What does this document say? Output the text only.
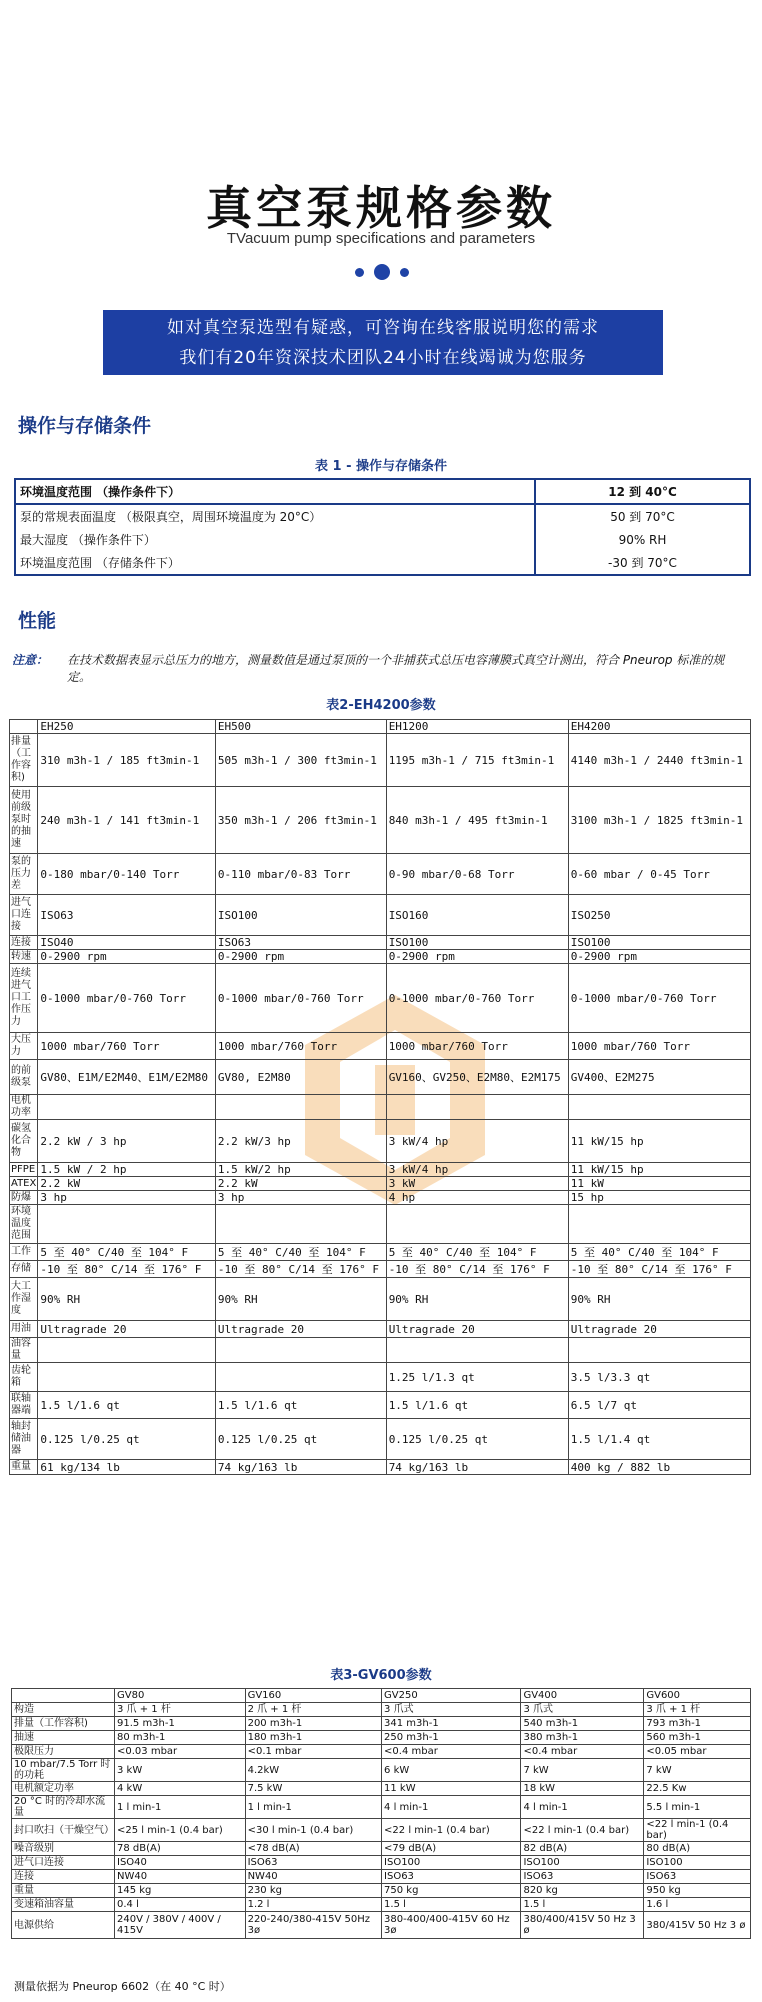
真空泵规格参数
TVacuum pump specifications and parameters
如对真空泵选型有疑惑，可咨询在线客服说明您的需求
我们有20年资深技术团队24小时在线竭诚为您服务
操作与存储条件
表 1 - 操作与存储条件
环境温度范围 （操作条件下）	12 到 40°C
泵的常规表面温度 （极限真空，周围环境温度为 20°C）	50 到 70°C
最大湿度 （操作条件下）	90% RH
环境温度范围 （存储条件下）	-30 到 70°C
性能
注意： 在技术数据表显示总压力的地方，测量数值是通过泵顶的一个非捕获式总压电容薄膜式真空计测出，符合 Pneurop 标准的规定。
表2-EH4200参数
	EH250	EH500	EH1200	EH4200
排量（工作容积)	310 m3h-1 / 185 ft3min-1	505 m3h-1 / 300 ft3min-1	1195 m3h-1 / 715 ft3min-1	4140 m3h-1 / 2440 ft3min-1
使用前级泵时的抽速	240 m3h-1 / 141 ft3min-1	350 m3h-1 / 206 ft3min-1	840 m3h-1 / 495 ft3min-1	3100 m3h-1 / 1825 ft3min-1
泵的压力差	0-180 mbar/0-140 Torr	0-110 mbar/0-83 Torr	0-90 mbar/0-68 Torr	0-60 mbar / 0-45 Torr
进气口连接	ISO63	ISO100	ISO160	ISO250
连接	ISO40	ISO63	ISO100	ISO100
转速	0-2900 rpm	0-2900 rpm	0-2900 rpm	0-2900 rpm
连续进气口工作压力	0-1000 mbar/0-760 Torr	0-1000 mbar/0-760 Torr	0-1000 mbar/0-760 Torr	0-1000 mbar/0-760 Torr
大压力	1000 mbar/760 Torr	1000 mbar/760 Torr	1000 mbar/760 Torr	1000 mbar/760 Torr
的前级泵	GV80、E1M/E2M40、E1M/E2M80	GV80, E2M80	GV160、GV250、E2M80、E2M175	GV400、E2M275
电机功率				
碳氢化合物	2.2 kW / 3 hp	2.2 kW/3 hp	3 kW/4 hp	11 kW/15 hp
PFPE	1.5 kW / 2 hp	1.5 kW/2 hp	3 kW/4 hp	11 kW/15 hp
ATEX	2.2 kW	2.2 kW	3 kW	11 kW
防爆	3 hp	3 hp	4 hp	15 hp
环境温度范围				
工作	5 至 40° C/40 至 104° F	5 至 40° C/40 至 104° F	5 至 40° C/40 至 104° F	5 至 40° C/40 至 104° F
存储	-10 至 80° C/14 至 176° F	-10 至 80° C/14 至 176° F	-10 至 80° C/14 至 176° F	-10 至 80° C/14 至 176° F
大工作湿度	90% RH	90% RH	90% RH	90% RH
用油	Ultragrade 20	Ultragrade 20	Ultragrade 20	Ultragrade 20
油容量				
齿轮箱			1.25 l/1.3 qt	3.5 l/3.3 qt
联轴器端	1.5 l/1.6 qt	1.5 l/1.6 qt	1.5 l/1.6 qt	6.5 l/7 qt
轴封储油器	0.125 l/0.25 qt	0.125 l/0.25 qt	0.125 l/0.25 qt	1.5 l/1.4 qt
重量	61 kg/134 lb	74 kg/163 lb	74 kg/163 lb	400 kg / 882 lb
表3-GV600参数
	GV80	GV160	GV250	GV400	GV600
构造	3 爪 + 1 杆	2 爪 + 1 杆	3 爪式	3 爪式	3 爪 + 1 杆
排量（工作容积)	91.5 m3h-1	200 m3h-1	341 m3h-1	540 m3h-1	793 m3h-1
抽速	80 m3h-1	180 m3h-1	250 m3h-1	380 m3h-1	560 m3h-1
极限压力	<0.03 mbar	<0.1 mbar	<0.4 mbar	<0.4 mbar	<0.05 mbar
10 mbar/7.5 Torr 时的功耗	3 kW	4.2kW	6 kW	7 kW	7 kW
电机额定功率	4 kW	7.5 kW	11 kW	18 kW	22.5 Kw
20 °C 时的冷却水流量	1 l min-1	1 l min-1	4 l min-1	4 l min-1	5.5 l min-1
封口吹扫（干燥空气）	<25 l min-1 (0.4 bar)	<30 l min-1 (0.4 bar)	<22 l min-1 (0.4 bar)	<22 l min-1 (0.4 bar)	<22 l min-1 (0.4 bar)
噪音级别	78 dB(A)	<78 dB(A)	<79 dB(A)	82 dB(A)	80 dB(A)
进气口连接	ISO40	ISO63	ISO100	ISO100	ISO100
连接	NW40	NW40	ISO63	ISO63	ISO63
重量	145 kg	230 kg	750 kg	820 kg	950 kg
变速箱油容量	0.4 l	1.2 l	1.5 l	1.5 l	1.6 l
电源供给	240V / 380V / 400V / 415V	220-240/380-415V 50Hz 3ø	380-400/400-415V 60 Hz 3ø	380/400/415V 50 Hz 3 ø	380/415V 50 Hz 3 ø
测量依据为 Pneurop 6602（在 40 °C 时）
